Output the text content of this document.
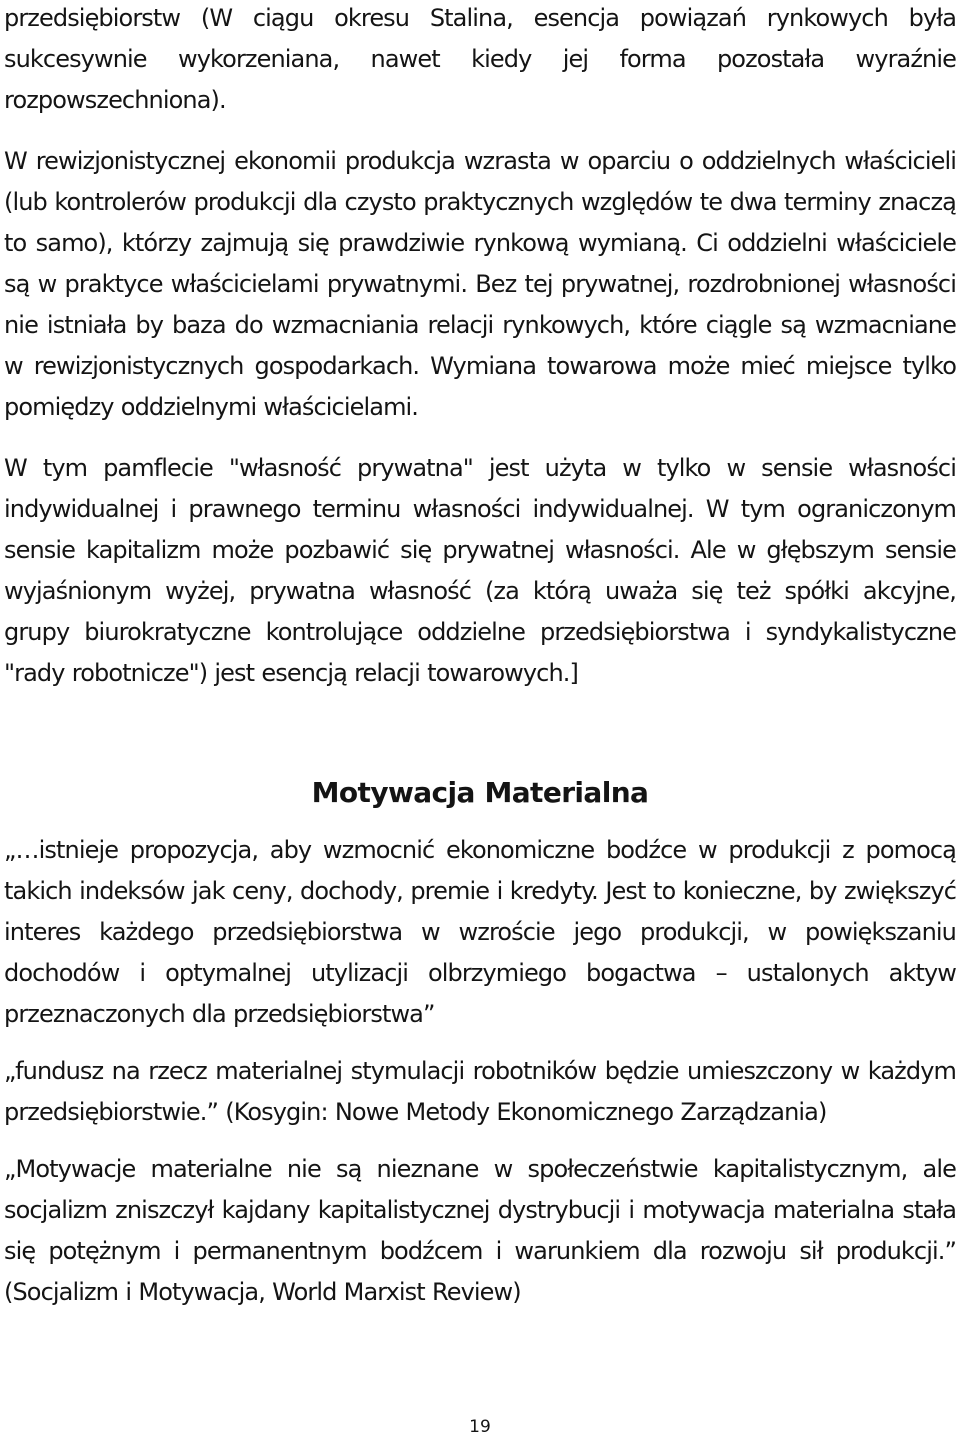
przedsiębiorstw (W ciągu okresu Stalina, esencja powiązań rynkowych była sukcesywnie wykorzeniana, nawet kiedy jej forma pozostała wyraźnie rozpowszechniona).

W rewizjonistycznej ekonomii produkcja wzrasta w oparciu o oddzielnych właścicieli (lub kontrolerów produkcji dla czysto praktycznych względów te dwa terminy znaczą to samo), którzy zajmują się prawdziwie rynkową wymianą. Ci oddzielni właściciele są w praktyce właścicielami prywatnymi. Bez tej prywatnej, rozdrobnionej własności nie istniała by baza do wzmacniania relacji rynkowych, które ciągle są wzmacniane w rewizjonistycznych gospodarkach. Wymiana towarowa może mieć miejsce tylko pomiędzy oddzielnymi właścicielami.

W tym pamflecie "własność prywatna" jest użyta w tylko w sensie własności indywidualnej i prawnego terminu własności indywidualnej. W tym ograniczonym sensie kapitalizm może pozbawić się prywatnej własności. Ale w głębszym sensie wyjaśnionym wyżej, prywatna własność (za którą uważa się też spółki akcyjne, grupy biurokratyczne kontrolujące oddzielne przedsiębiorstwa i syndykalistyczne "rady robotnicze") jest esencją relacji towarowych.]

Motywacja Materialna

„…istnieje propozycja, aby wzmocnić ekonomiczne bodźce w produkcji z pomocą takich indeksów jak ceny, dochody, premie i kredyty. Jest to konieczne, by zwiększyć interes każdego przedsiębiorstwa w wzroście jego produkcji, w powiększaniu dochodów i optymalnej utylizacji olbrzymiego bogactwa – ustalonych aktyw przeznaczonych dla przedsiębiorstwa”

„fundusz na rzecz materialnej stymulacji robotników będzie umieszczony w każdym przedsiębiorstwie.” (Kosygin: Nowe Metody Ekonomicznego Zarządzania)

„Motywacje materialne nie są nieznane w społeczeństwie kapitalistycznym, ale socjalizm zniszczył kajdany kapitalistycznej dystrybucji i motywacja materialna stała się potężnym i permanentnym bodźcem i warunkiem dla rozwoju sił produkcji.” (Socjalizm i Motywacja, World Marxist Review)

19
